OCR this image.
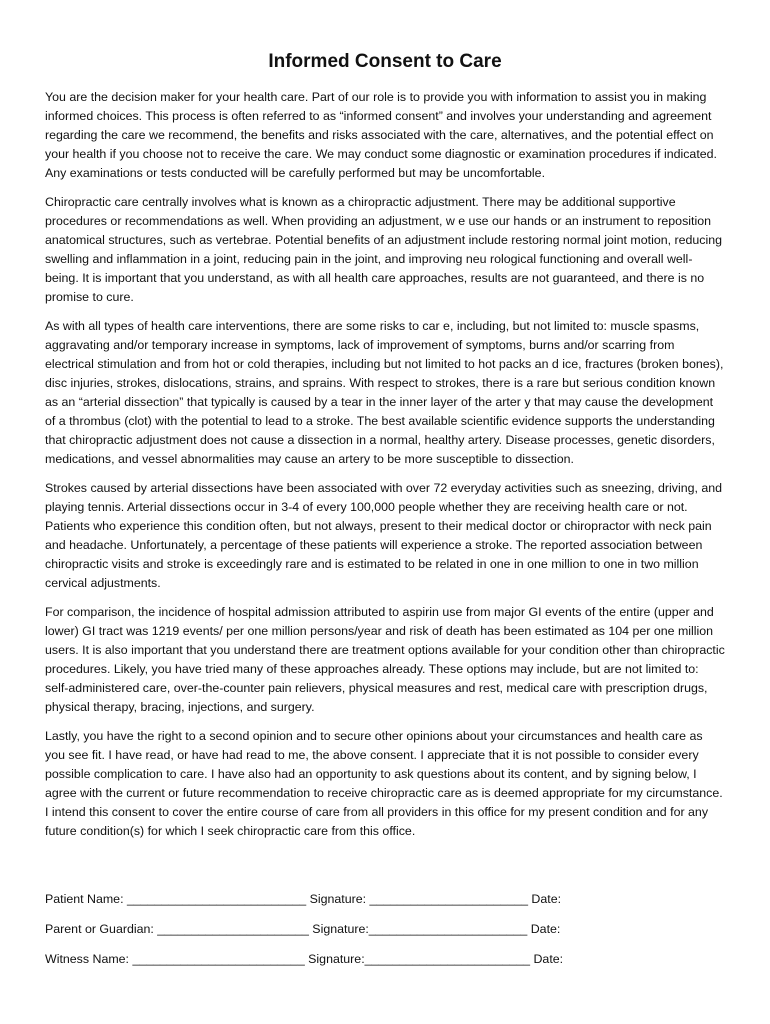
Informed Consent to Care

You are the decision maker for your health care. Part of our role is to provide you with information to assist you in making informed choices. This process is often referred to as “informed consent” and involves your understanding and agreement regarding the care we recommend, the benefits and risks associated with the care, alternatives, and the potential effect on your health if you choose not to receive the care. We may conduct some diagnostic or examination procedures if indicated. Any examinations or tests conducted will be carefully performed but may be uncomfortable.

Chiropractic care centrally involves what is known as a chiropractic adjustment. There may be additional supportive procedures or recommendations as well. When providing an adjustment, w e use our hands or an instrument to reposition anatomical structures, such as vertebrae. Potential benefits of an adjustment include restoring normal joint motion, reducing swelling and inflammation in a joint, reducing pain in the joint, and improving neu rological functioning and overall well-being. It is important that you understand, as with all health care approaches, results are not guaranteed, and there is no promise to cure.

As with all types of health care interventions, there are some risks to car e, including, but not limited to: muscle spasms, aggravating and/or temporary increase in symptoms, lack of improvement of symptoms, burns and/or scarring from electrical stimulation and from hot or cold therapies, including but not limited to hot packs an d ice, fractures (broken bones), disc injuries, strokes, dislocations, strains, and sprains. With respect to strokes, there is a rare but serious condition known as an “arterial dissection” that typically is caused by a tear in the inner layer of the arter y that may cause the development of a thrombus (clot) with the potential to lead to a stroke. The best available scientific evidence supports the understanding that chiropractic adjustment does not cause a dissection in a normal, healthy artery. Disease processes, genetic disorders, medications, and vessel abnormalities may cause an artery to be more susceptible to dissection.

Strokes caused by arterial dissections have been associated with over 72 everyday activities such as sneezing, driving, and playing tennis. Arterial dissections occur in 3-4 of every 100,000 people whether they are receiving health care or not. Patients who experience this condition often, but not always, present to their medical doctor or chiropractor with neck pain and headache. Unfortunately, a percentage of these patients will experience a stroke. The reported association between chiropractic visits and stroke is exceedingly rare and is estimated to be related in one in one million to one in two million cervical adjustments.

For comparison, the incidence of hospital admission attributed to aspirin use from major GI events of the entire (upper and lower) GI tract was 1219 events/ per one million persons/year and risk of death has been estimated as 104 per one million users. It is also important that you understand there are treatment options available for your condition other than chiropractic procedures. Likely, you have tried many of these approaches already. These options may include, but are not limited to: self-administered care, over-the-counter pain relievers, physical measures and rest, medical care with prescription drugs, physical therapy, bracing, injections, and surgery.

Lastly, you have the right to a second opinion and to secure other opinions about your circumstances and health care as you see fit. I have read, or have had read to me, the above consent. I appreciate that it is not possible to consider every possible complication to care. I have also had an opportunity to ask questions about its content, and by signing below, I agree with the current or future recommendation to receive chiropractic care as is deemed appropriate for my circumstance. I intend this consent to cover the entire course of care from all providers in this office for my present condition and for any future condition(s) for which I seek chiropractic care from this office.

Patient Name: __________________________ Signature: _______________________ Date:
Parent or Guardian: ______________________ Signature:_______________________ Date:
Witness Name: _________________________ Signature:________________________ Date:
